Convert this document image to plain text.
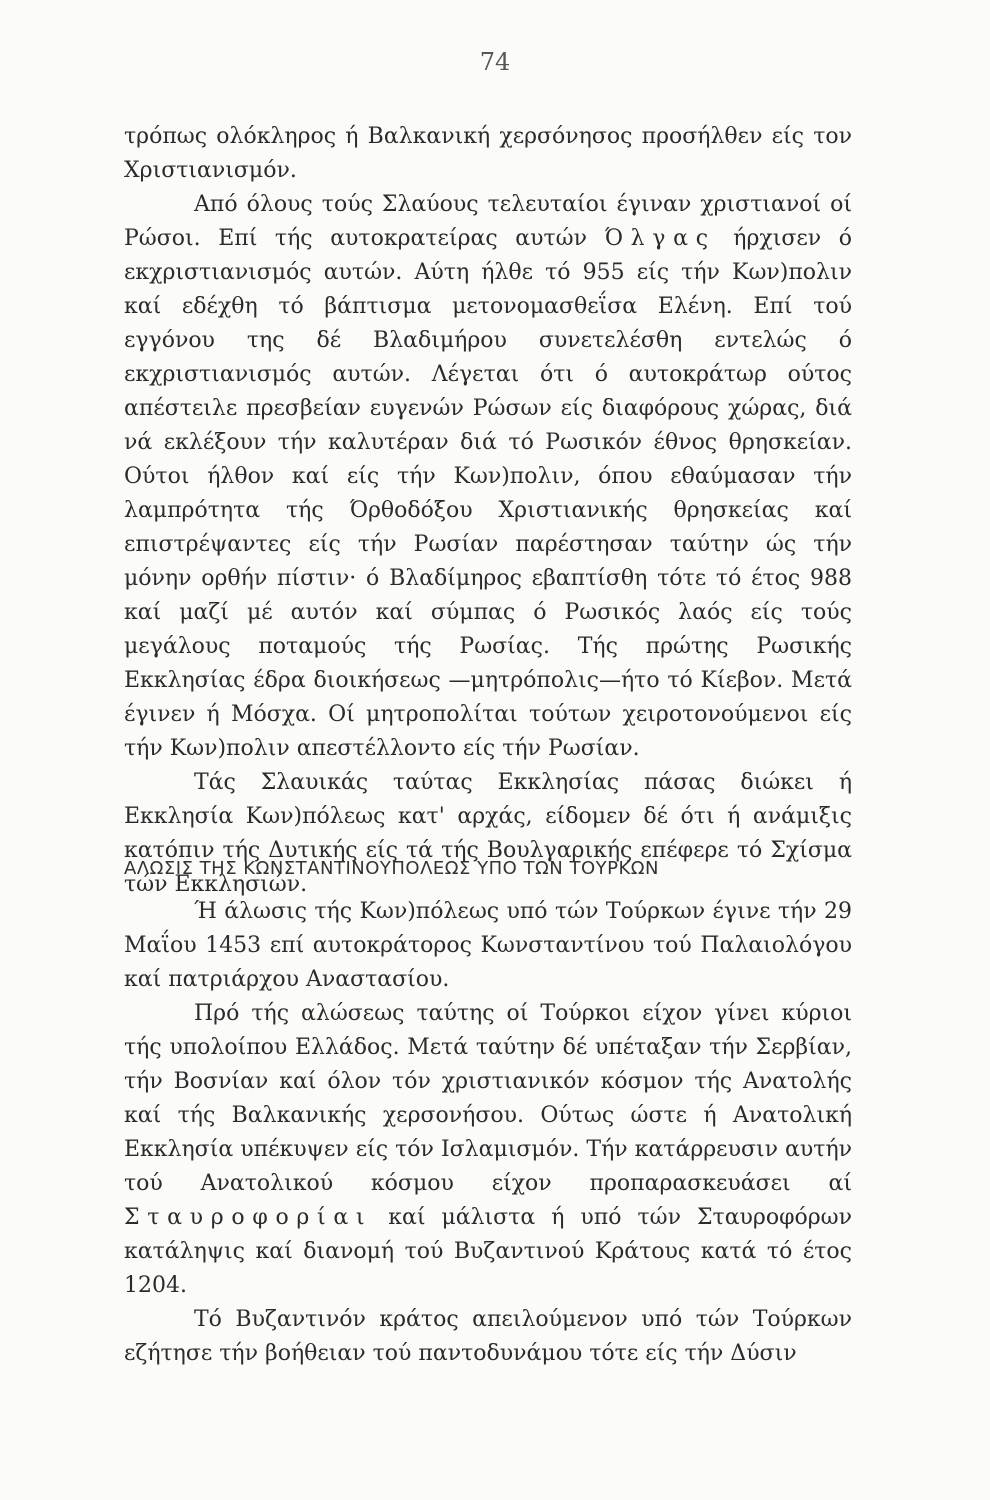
74

τρόπως ολόκληρος ή Βαλκανική χερσόνησος προσήλθεν είς τον Χριστιανισμόν.

Από όλους τούς Σλαύους τελευταίοι έγιναν χριστιανοί οί Ρώσοι. Επί τής αυτοκρατείρας αυτών Όλγας ήρχισεν ό εκχριστιανισμός αυτών. Αύτη ήλθε τό 955 είς τήν Κων)πολιν καί εδέχθη τό βάπτισμα μετονομασθεΐσα Ελένη. Επί τού εγγόνου της δέ Βλαδιμήρου συνετελέσθη εντελώς ό εκχριστιανισμός αυτών. Λέγεται ότι ό αυτοκράτωρ ούτος απέστειλε πρεσβείαν ευγενών Ρώσων είς διαφόρους χώρας, διά νά εκλέξουν τήν καλυτέραν διά τό Ρωσικόν έθνος θρησκείαν. Ούτοι ήλθον καί είς τήν Κων)πολιν, όπου εθαύμασαν τήν λαμπρότητα τής Όρθοδόξου Χριστιανικής θρησκείας καί επιστρέψαντες είς τήν Ρωσίαν παρέστησαν ταύτην ώς τήν μόνην ορθήν πίστιν· ό Βλαδίμηρος εβαπτίσθη τότε τό έτος 988 καί μαζί μέ αυτόν καί σύμπας ό Ρωσικός λαός είς τούς μεγάλους ποταμούς τής Ρωσίας. Τής πρώτης Ρωσικής Εκκλησίας έδρα διοικήσεως —μητρόπολις—ήτο τό Κίεβον. Μετά έγινεν ή Μόσχα. Οί μητροπολίται τούτων χειροτονούμενοι είς τήν Κων)πολιν απεστέλλοντο είς τήν Ρωσίαν.

Τάς Σλαυικάς ταύτας Εκκλησίας πάσας διώκει ή Εκκλησία Κων)πόλεως κατ' αρχάς, είδομεν δέ ότι ή ανάμιξις κατόπιν τής Δυτικής είς τά τής Βουλγαρικής επέφερε τό Σχίσμα τών Εκκλησιών.

ΑΛΩΣΙΣ ΤΗΣ ΚΩΝΣΤΑΝΤΙΝΟΥΠΟΛΕΩΣ ΥΠΟ ΤΩΝ ΤΟΥΡΚΩΝ

Ή άλωσις τής Κων)πόλεως υπό τών Τούρκων έγινε τήν 29 Μαΐου 1453 επί αυτοκράτορος Κωνσταντίνου τού Παλαιολόγου καί πατριάρχου Αναστασίου.

Πρό τής αλώσεως ταύτης οί Τούρκοι είχον γίνει κύριοι τής υπολοίπου Ελλάδος. Μετά ταύτην δέ υπέταξαν τήν Σερβίαν, τήν Βοσνίαν καί όλον τόν χριστιανικόν κόσμον τής Ανατολής καί τής Βαλκανικής χερσονήσου. Ούτως ώστε ή Ανατολική Εκκλησία υπέκυψεν είς τόν Ισλαμισμόν. Τήν κατάρρευσιν αυτήν τού Ανατολικού κόσμου είχον προπαρασκευάσει αί Σταυροφορίαι καί μάλιστα ή υπό τών Σταυροφόρων κατάληψις καί διανομή τού Βυζαντινού Κράτους κατά τό έτος 1204.

Τό Βυζαντινόν κράτος απειλούμενον υπό τών Τούρκων εζήτησε τήν βοήθειαν τού παντοδυνάμου τότε είς τήν Δύσιν
